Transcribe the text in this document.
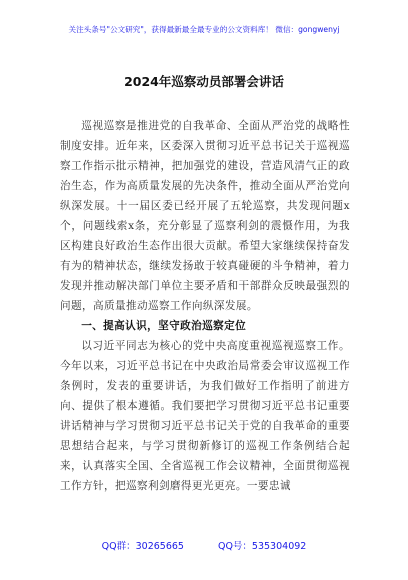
关注头条号"公文研究"，获得最新最全最专业的公文资料库！ 微信：gongwenyj
2024年巡察动员部署会讲话

巡视巡察是推进党的自我革命、全面从严治党的战略性制度安排。近年来，区委深入贯彻习近平总书记关于巡视巡察工作指示批示精神，把加强党的建设，营造风清气正的政治生态，作为高质量发展的先决条件，推动全面从严治党向纵深发展。十一届区委已经开展了五轮巡察，共发现问题x个，问题线索x条，充分彰显了巡察利剑的震慑作用，为我区构建良好政治生态作出很大贡献。希望大家继续保持奋发有为的精神状态，继续发扬敢于较真碰硬的斗争精神，着力发现并推动解决部门单位主要矛盾和干部群众反映最强烈的问题，高质量推动巡察工作向纵深发展。

一、提高认识，坚守政治巡察定位

以习近平同志为核心的党中央高度重视巡视巡察工作。今年以来，习近平总书记在中央政治局常委会审议巡视工作条例时，发表的重要讲话，为我们做好工作指明了前进方向、提供了根本遵循。我们要把学习贯彻习近平总书记重要讲话精神与学习贯彻习近平总书记关于党的自我革命的重要思想结合起来，与学习贯彻新修订的巡视工作条例结合起来，认真落实全国、全省巡视工作会议精神，全面贯彻巡视工作方针，把巡察利剑磨得更光更亮。一要忠诚

QQ群：30265665	QQ号：535304092
